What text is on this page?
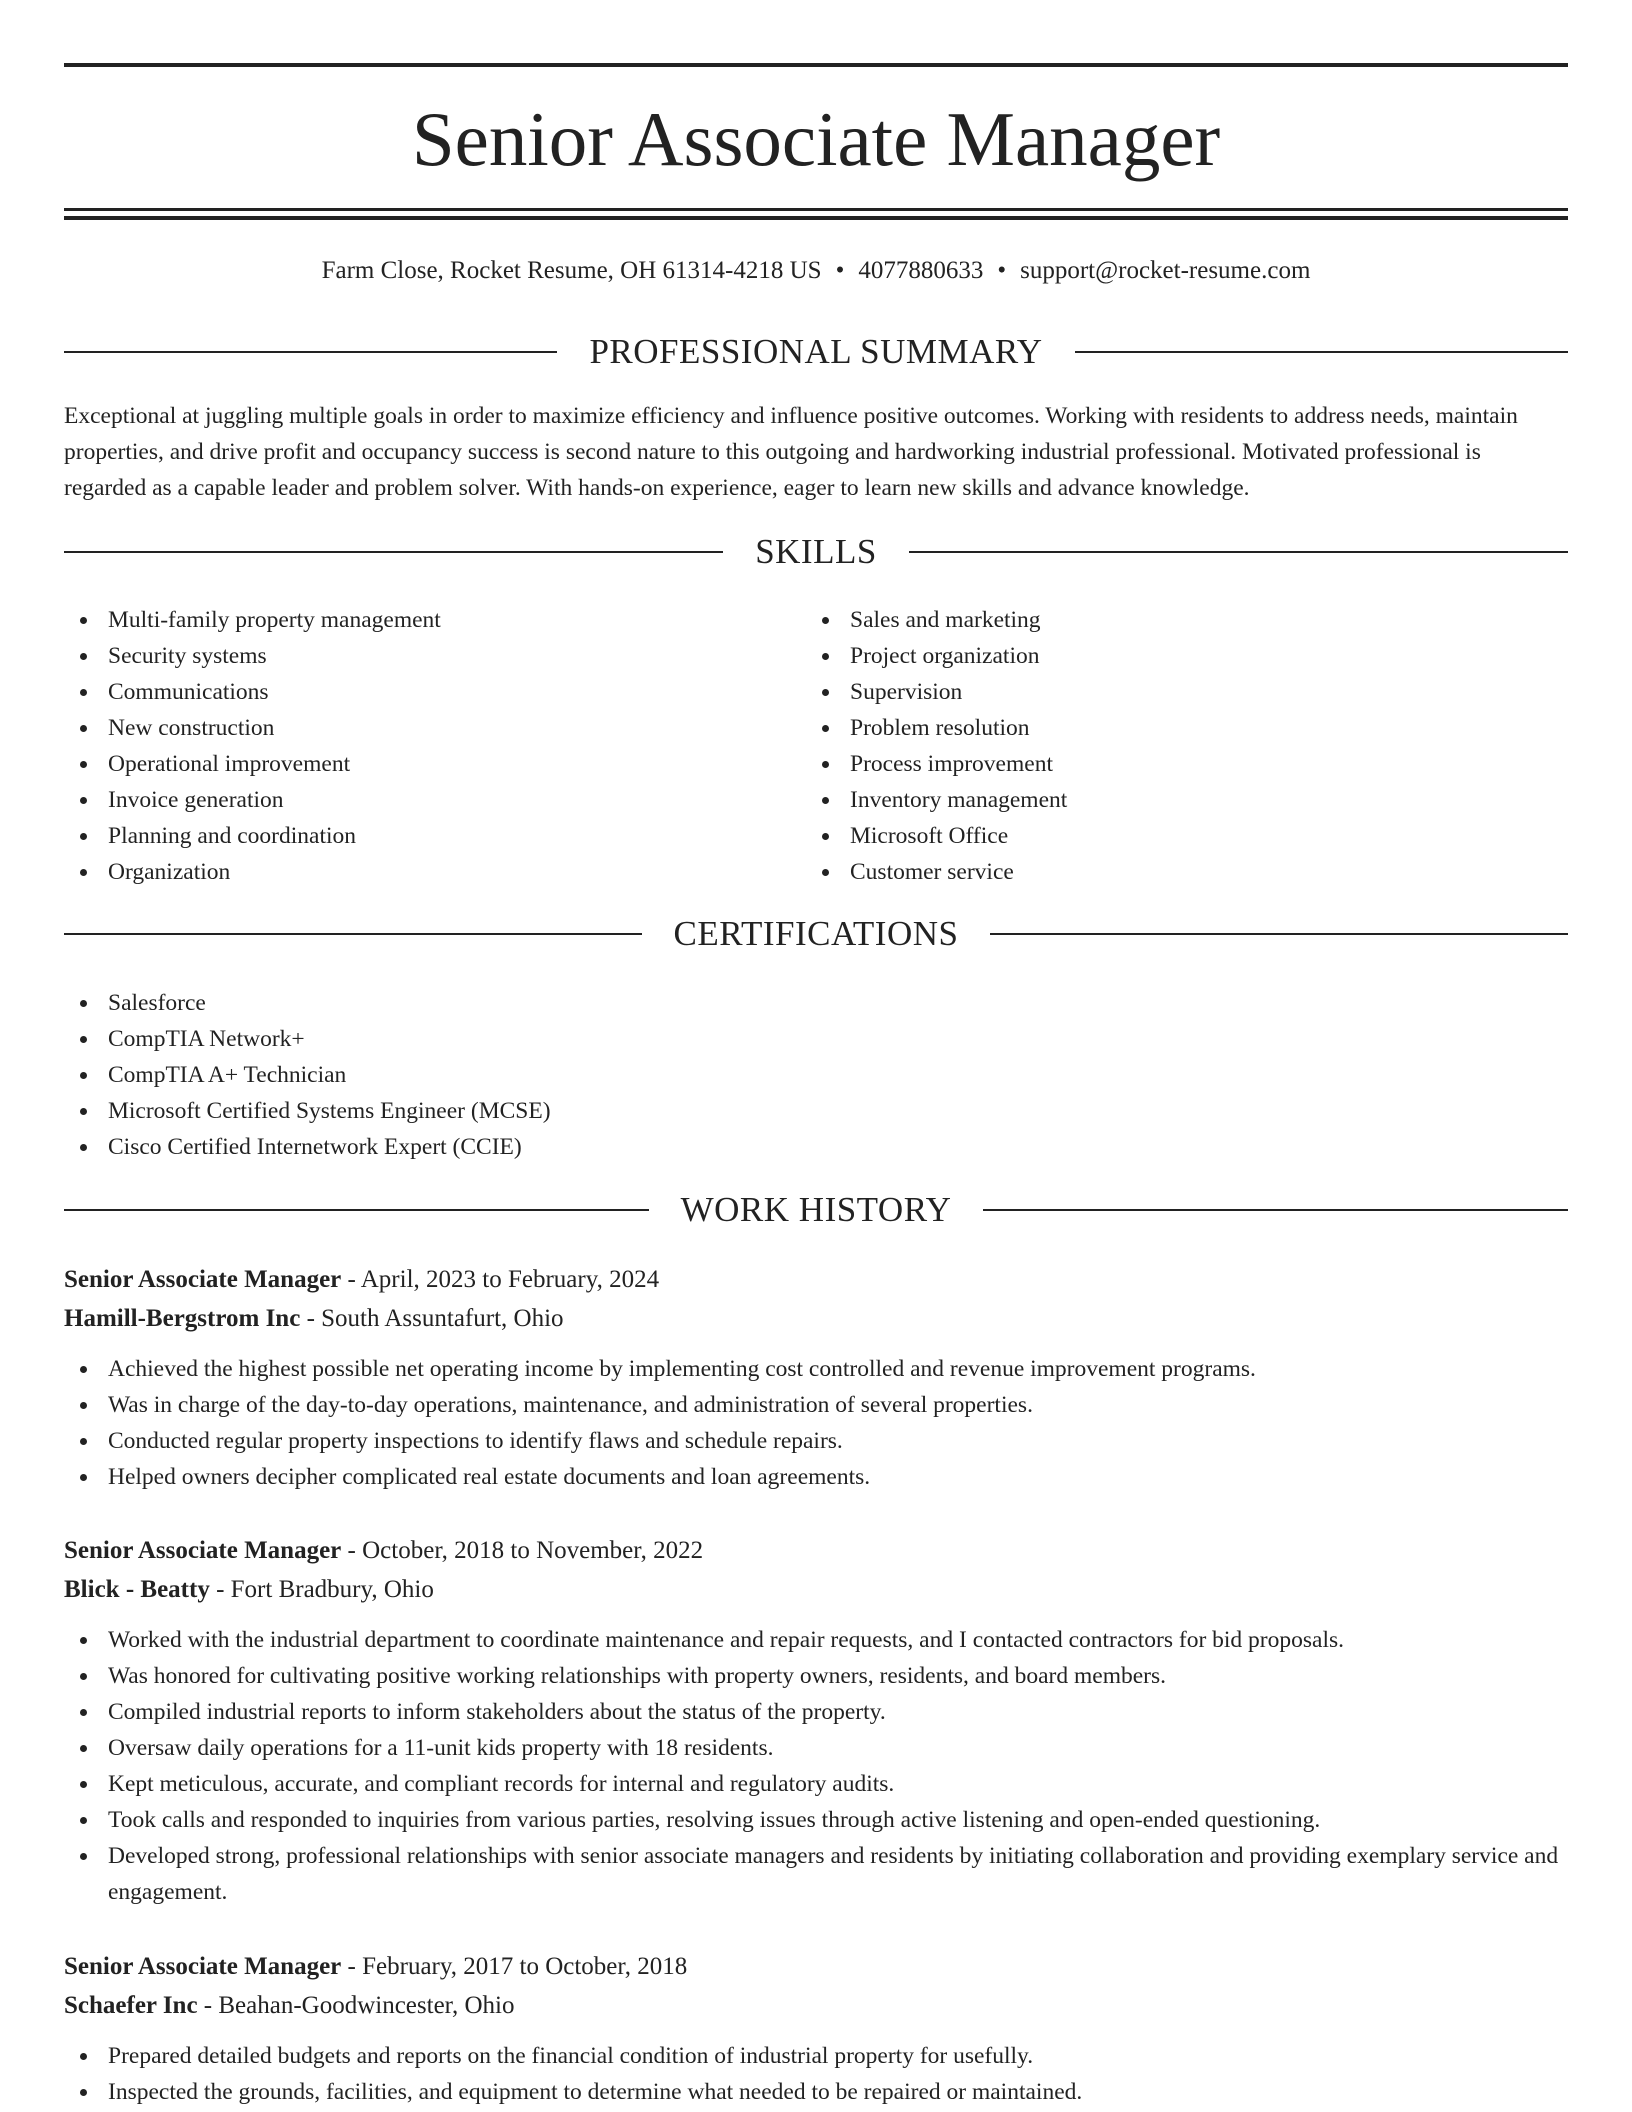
Senior Associate Manager
Farm Close, Rocket Resume, OH 61314-4218 US • 4077880633 • support@rocket-resume.com
PROFESSIONAL SUMMARY

Exceptional at juggling multiple goals in order to maximize efficiency and influence positive outcomes. Working with residents to address needs, maintain properties, and drive profit and occupancy success is second nature to this outgoing and hardworking industrial professional. Motivated professional is regarded as a capable leader and problem solver. With hands-on experience, eager to learn new skills and advance knowledge.

SKILLS
Multi-family property management
Security systems
Communications
New construction
Operational improvement
Invoice generation
Planning and coordination
Organization
Sales and marketing
Project organization
Supervision
Problem resolution
Process improvement
Inventory management
Microsoft Office
Customer service
CERTIFICATIONS
Salesforce
CompTIA Network+
CompTIA A+ Technician
Microsoft Certified Systems Engineer (MCSE)
Cisco Certified Internetwork Expert (CCIE)
WORK HISTORY
Senior Associate Manager - April, 2023 to February, 2024
Hamill-Bergstrom Inc - South Assuntafurt, Ohio
Achieved the highest possible net operating income by implementing cost controlled and revenue improvement programs.
Was in charge of the day-to-day operations, maintenance, and administration of several properties.
Conducted regular property inspections to identify flaws and schedule repairs.
Helped owners decipher complicated real estate documents and loan agreements.
Senior Associate Manager - October, 2018 to November, 2022
Blick - Beatty - Fort Bradbury, Ohio
Worked with the industrial department to coordinate maintenance and repair requests, and I contacted contractors for bid proposals.
Was honored for cultivating positive working relationships with property owners, residents, and board members.
Compiled industrial reports to inform stakeholders about the status of the property.
Oversaw daily operations for a 11-unit kids property with 18 residents.
Kept meticulous, accurate, and compliant records for internal and regulatory audits.
Took calls and responded to inquiries from various parties, resolving issues through active listening and open-ended questioning.
Developed strong, professional relationships with senior associate managers and residents by initiating collaboration and providing exemplary service and engagement.
Senior Associate Manager - February, 2017 to October, 2018
Schaefer Inc - Beahan-Goodwincester, Ohio
Prepared detailed budgets and reports on the financial condition of industrial property for usefully.
Inspected the grounds, facilities, and equipment to determine what needed to be repaired or maintained.
